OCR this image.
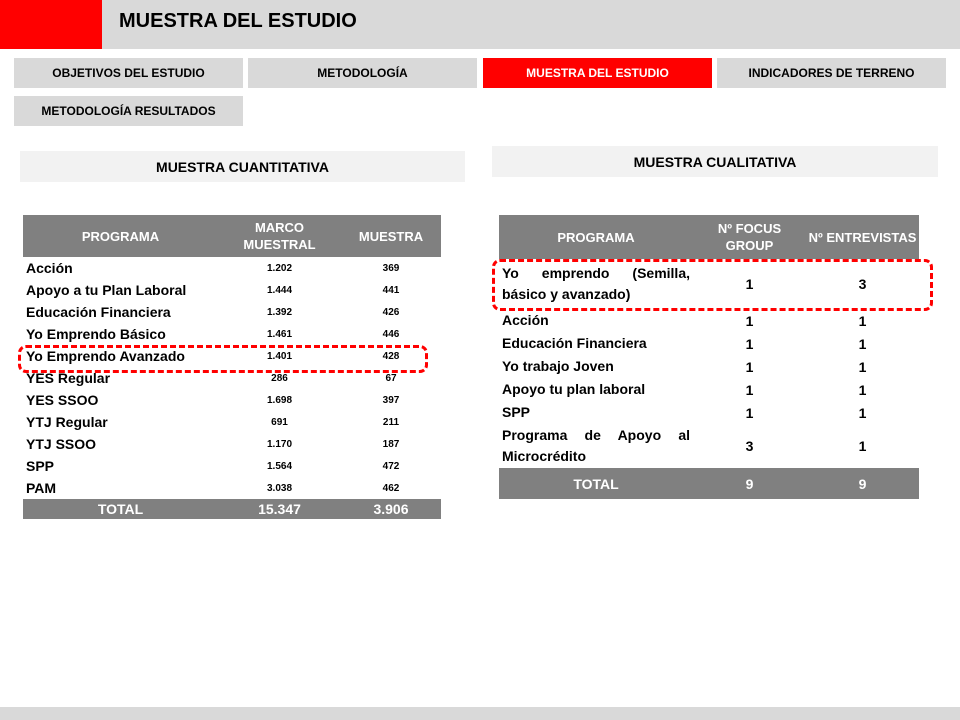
MUESTRA DEL ESTUDIO
OBJETIVOS DEL ESTUDIO	METODOLOGÍA	MUESTRA DEL ESTUDIO	INDICADORES DE TERRENO
METODOLOGÍA RESULTADOS
MUESTRA CUANTITATIVA	MUESTRA CUALITATIVA
PROGRAMA	MARCO MUESTRAL	MUESTRA
Acción	1.202	369
Apoyo a tu Plan Laboral	1.444	441
Educación Financiera	1.392	426
Yo Emprendo Básico	1.461	446
Yo Emprendo Avanzado	1.401	428
YES Regular	286	67
YES SSOO	1.698	397
YTJ Regular	691	211
YTJ SSOO	1.170	187
SPP	1.564	472
PAM	3.038	462
TOTAL	15.347	3.906
PROGRAMA	Nº FOCUS GROUP	Nº ENTREVISTAS
Yo emprendo (Semilla, básico y avanzado)	1	3
Acción	1	1
Educación Financiera	1	1
Yo trabajo Joven	1	1
Apoyo tu plan laboral	1	1
SPP	1	1
Programa de Apoyo al Microcrédito	3	1
TOTAL	9	9
